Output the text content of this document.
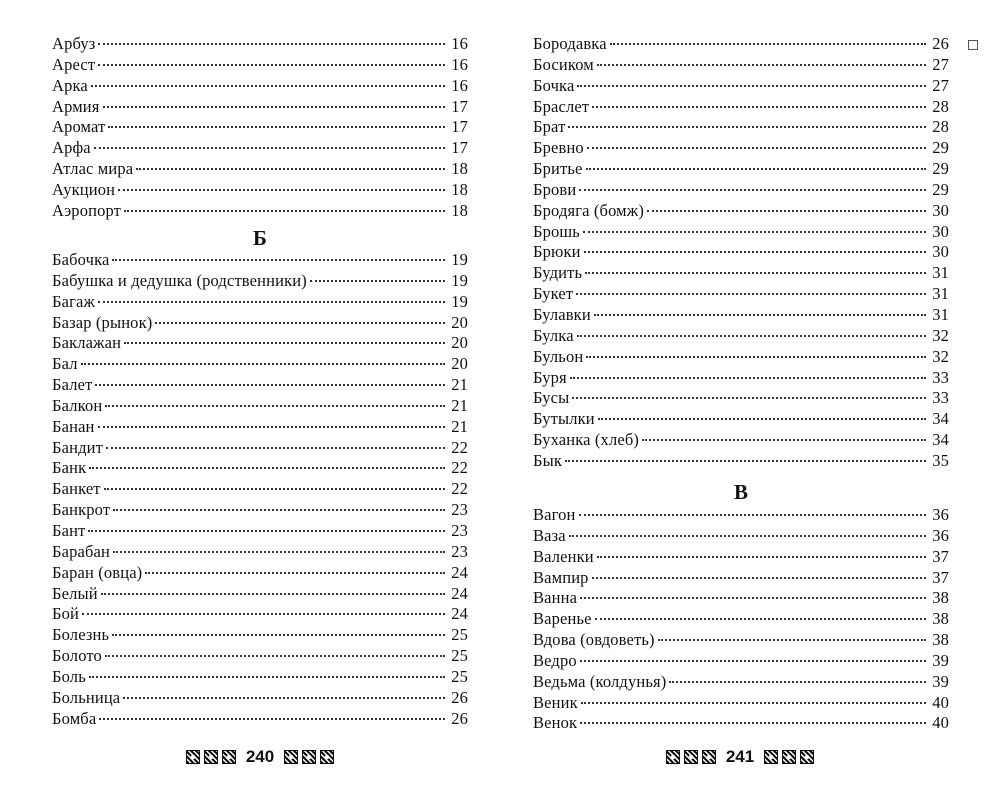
Арбуз	16
Арест	16
Арка	16
Армия	17
Аромат	17
Арфа	17
Атлас мира	18
Аукцион	18
Аэропорт	18
Б
Бабочка	19
Бабушка и дедушка (родственники)	19
Багаж	19
Базар (рынок)	20
Баклажан	20
Бал	20
Балет	21
Балкон	21
Банан	21
Бандит	22
Банк	22
Банкет	22
Банкрот	23
Бант	23
Барабан	23
Баран (овца)	24
Белый	24
Бой	24
Болезнь	25
Болото	25
Боль	25
Больница	26
Бомба	26
240
Бородавка	26
Босиком	27
Бочка	27
Браслет	28
Брат	28
Бревно	29
Бритье	29
Брови	29
Бродяга (бомж)	30
Брошь	30
Брюки	30
Будить	31
Букет	31
Булавки	31
Булка	32
Бульон	32
Буря	33
Бусы	33
Бутылки	34
Буханка (хлеб)	34
Бык	35
В
Вагон	36
Ваза	36
Валенки	37
Вампир	37
Ванна	38
Варенье	38
Вдова (овдоветь)	38
Ведро	39
Ведьма (колдунья)	39
Веник	40
Венок	40
241
